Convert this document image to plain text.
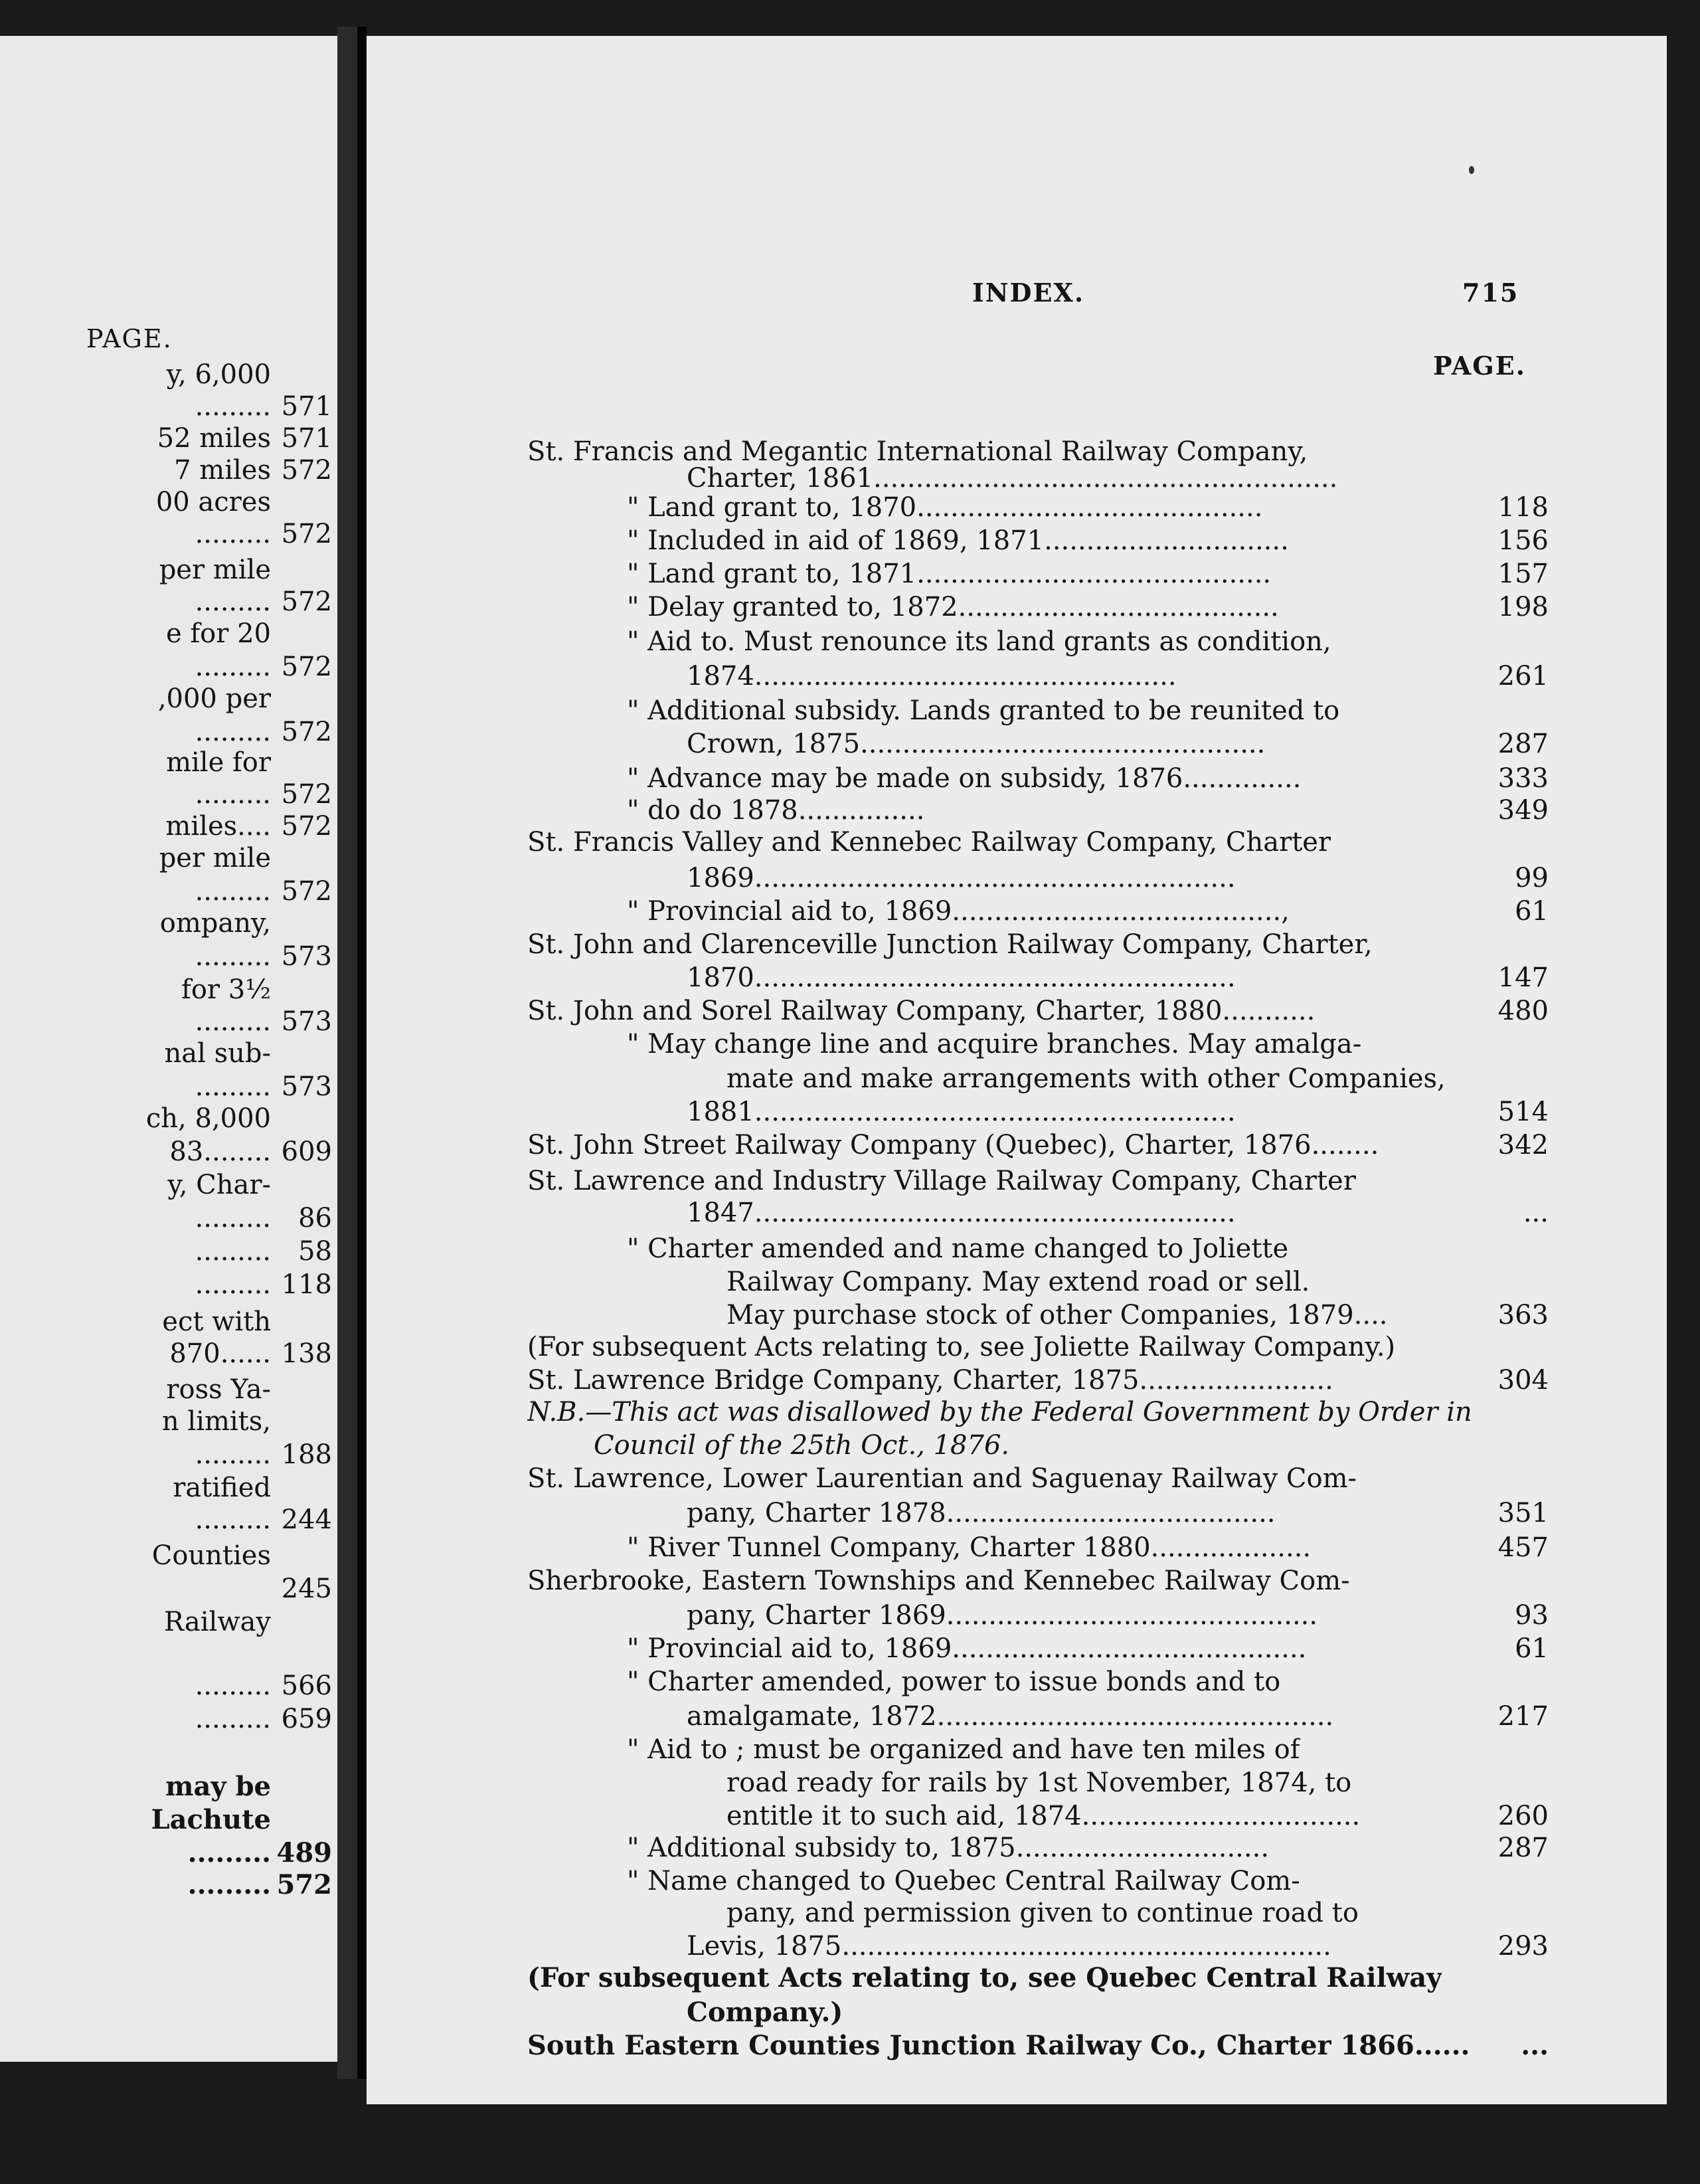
PAGE.
y, 6,000
......... 571
52 miles 571
7 miles 572
00 acres
......... 572
per mile
......... 572
e for 20
......... 572
,000 per
......... 572
mile for
......... 572
miles.... 572
per mile
......... 572
ompany,
......... 573
for 3½
......... 573
nal sub-
......... 573
ch, 8,000
83........ 609
y, Char-
......... 86
......... 58
......... 118
ect with
870...... 138
ross Ya-
n limits,
......... 188
ratified
......... 244
Counties
245
Railway
......... 566
......... 659
may be
Lachute
......... 489
......... 572
INDEX.	715
PAGE.
St. Francis and Megantic International Railway Company,
Charter, 1861.......................................................
" Land grant to, 1870.........................................	118
" Included in aid of 1869, 1871.............................	156
" Land grant to, 1871..........................................	157
" Delay granted to, 1872......................................	198
" Aid to. Must renounce its land grants as condition,
1874..................................................	261
" Additional subsidy. Lands granted to be reunited to
Crown, 1875................................................	287
" Advance may be made on subsidy, 1876..............	333
" do do 1878...............	349
St. Francis Valley and Kennebec Railway Company, Charter
1869.........................................................	99
" Provincial aid to, 1869.......................................,	61
St. John and Clarenceville Junction Railway Company, Charter,
1870.........................................................	147
St. John and Sorel Railway Company, Charter, 1880...........	480
" May change line and acquire branches. May amalga-
mate and make arrangements with other Companies,
1881.........................................................	514
St. John Street Railway Company (Quebec), Charter, 1876........	342
St. Lawrence and Industry Village Railway Company, Charter
1847.........................................................	...
" Charter amended and name changed to Joliette
Railway Company. May extend road or sell.
May purchase stock of other Companies, 1879....	363
(For subsequent Acts relating to, see Joliette Railway Company.)
St. Lawrence Bridge Company, Charter, 1875.......................	304
N.B.—This act was disallowed by the Federal Government by Order in
Council of the 25th Oct., 1876.
St. Lawrence, Lower Laurentian and Saguenay Railway Com-
pany, Charter 1878.......................................	351
" River Tunnel Company, Charter 1880...................	457
Sherbrooke, Eastern Townships and Kennebec Railway Com-
pany, Charter 1869............................................	93
" Provincial aid to, 1869..........................................	61
" Charter amended, power to issue bonds and to
amalgamate, 1872...............................................	217
" Aid to ; must be organized and have ten miles of
road ready for rails by 1st November, 1874, to
entitle it to such aid, 1874.................................	260
" Additional subsidy to, 1875..............................	287
" Name changed to Quebec Central Railway Com-
pany, and permission given to continue road to
Levis, 1875..........................................................	293
(For subsequent Acts relating to, see Quebec Central Railway
Company.)
South Eastern Counties Junction Railway Co., Charter 1866......	...
